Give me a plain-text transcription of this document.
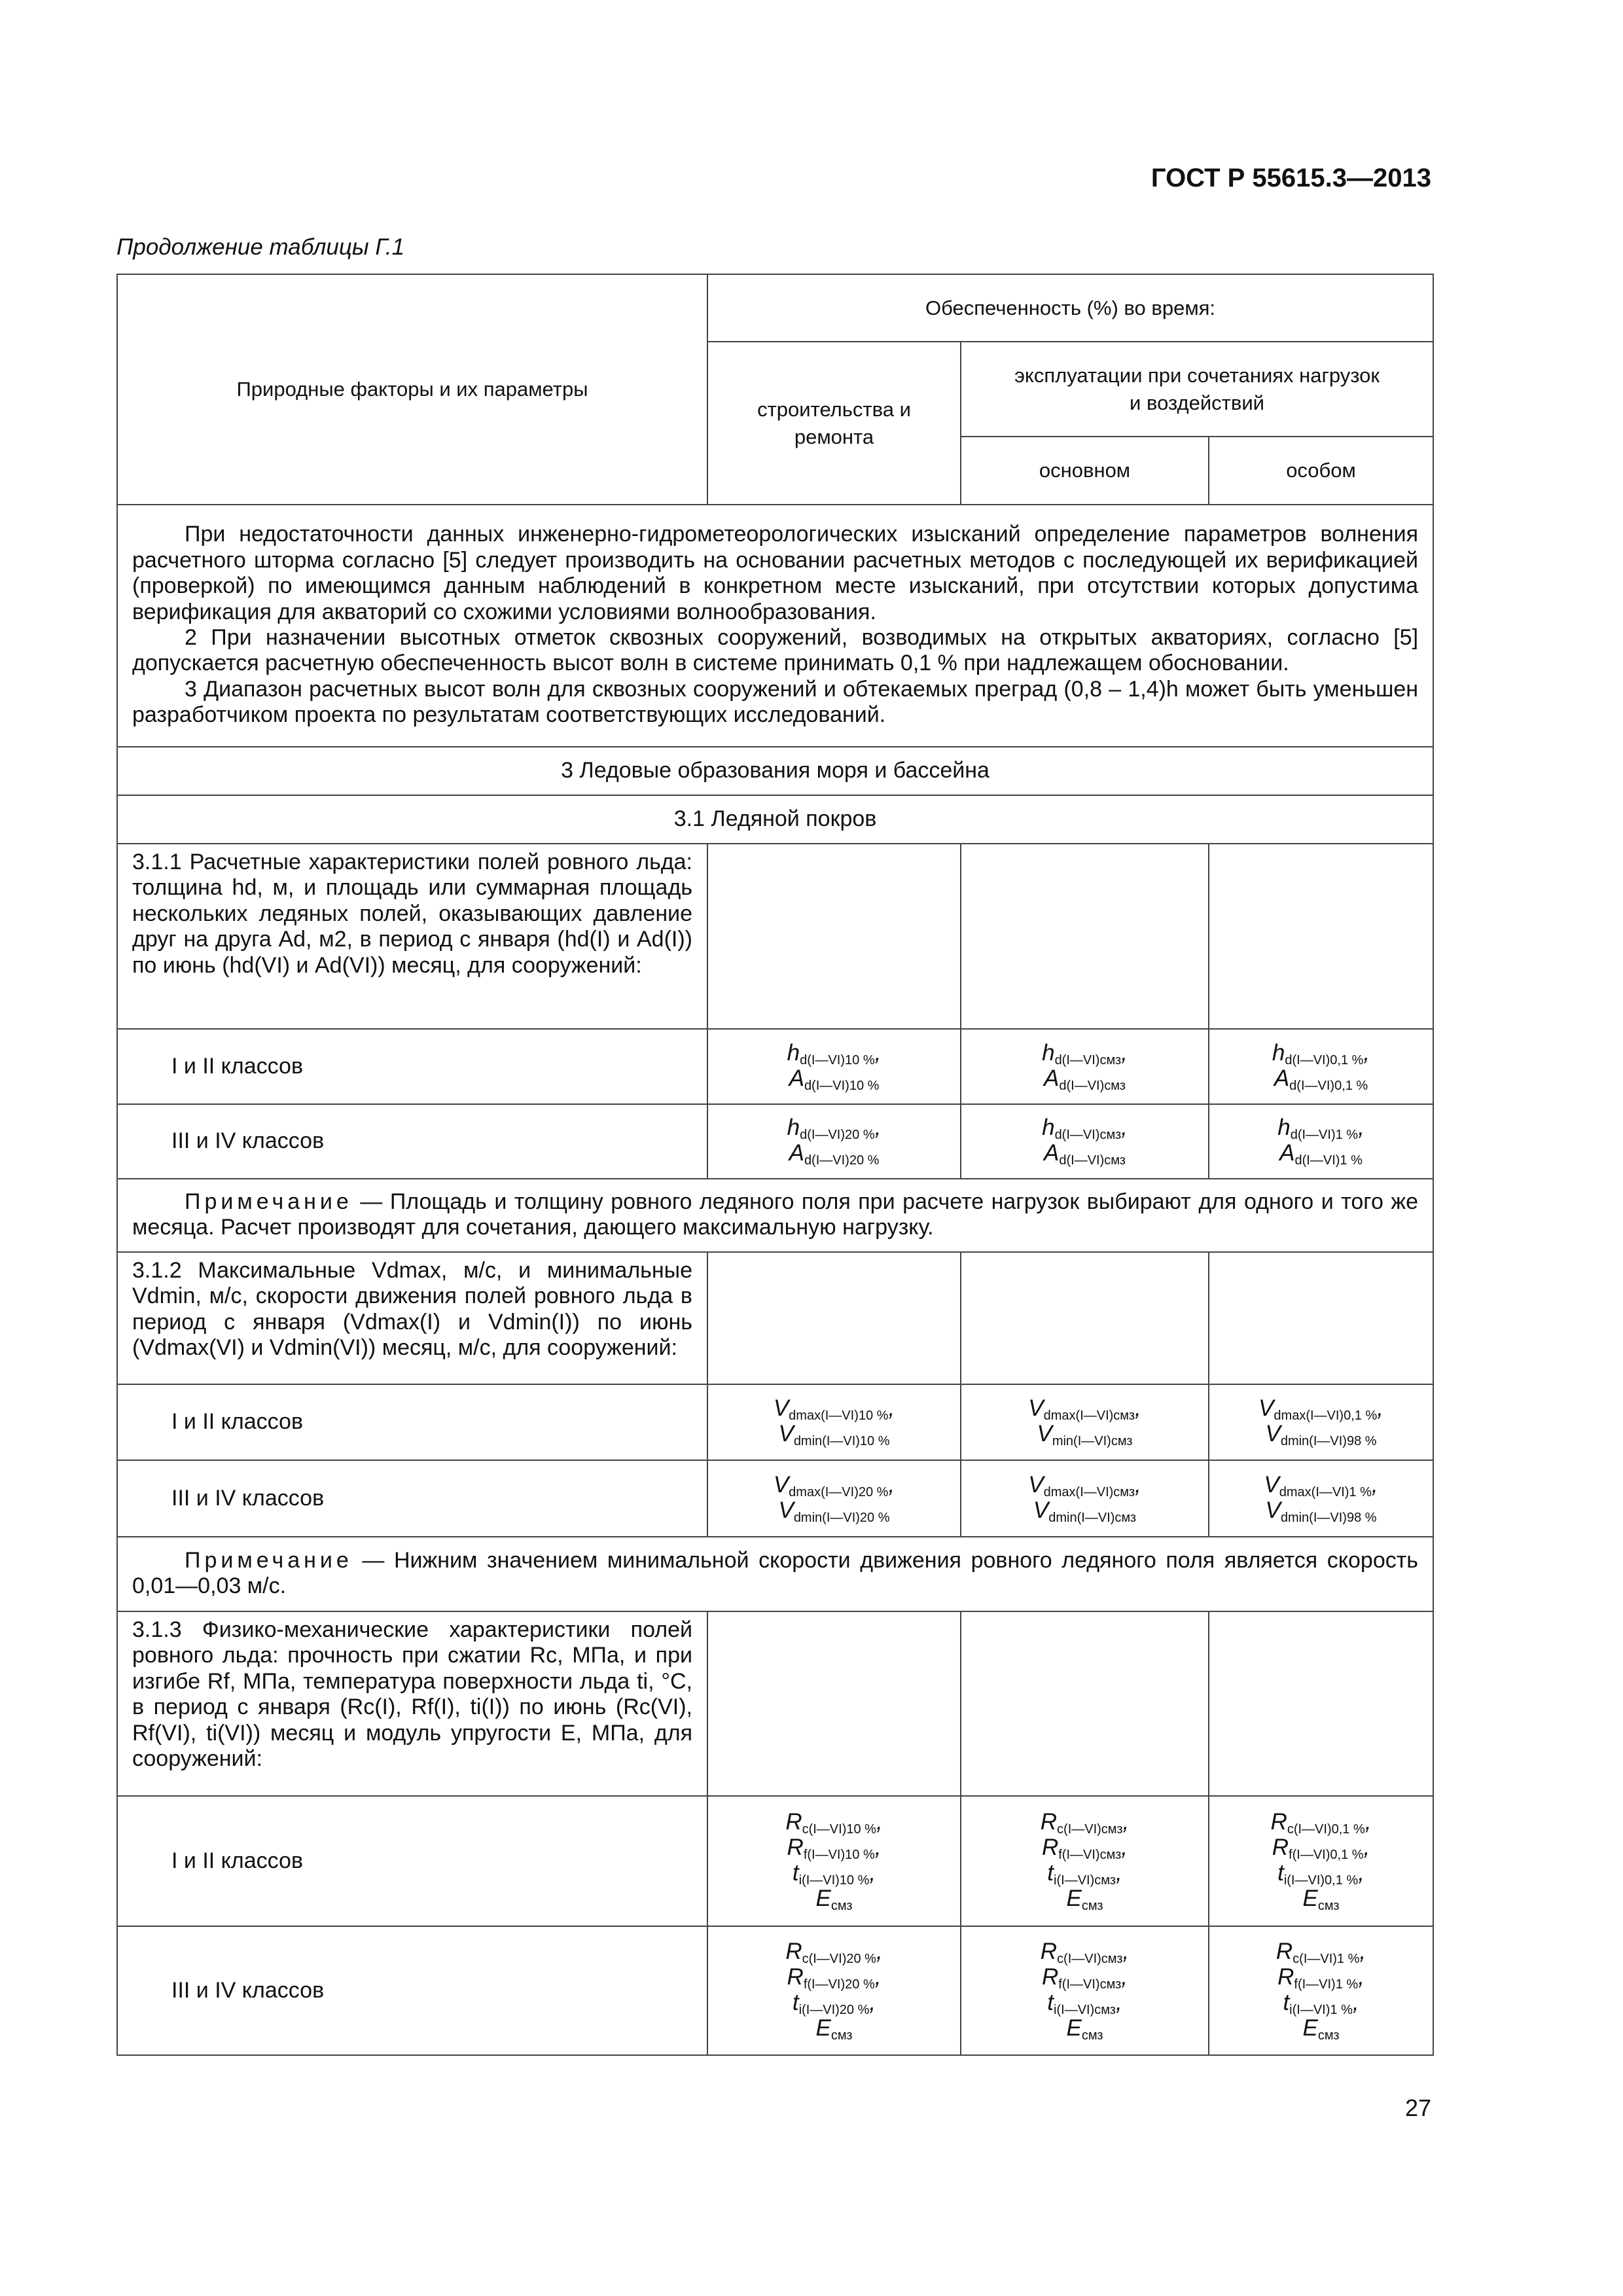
ГОСТ Р 55615.3—2013
Продолжение таблицы Г.1
Природные факторы и их параметры	Обеспеченность (%) во время:		
	строительства и ремонта	эксплуатации при сочетаниях нагрузок и воздействий	
		основном	особом

При недостаточности данных инженерно-гидрометеорологических изысканий определение параметров волнения расчетного шторма согласно [5] следует производить на основании расчетных методов с последующей их верификацией (проверкой) по имеющимся данным наблюдений в конкретном месте изысканий, при отсутствии которых допустима верификация для акваторий со схожими условиями волнообразования.

2 При назначении высотных отметок сквозных сооружений, возводимых на открытых акваториях, согласно [5] допускается расчетную обеспеченность высот волн в системе принимать 0,1 % при надлежащем обосновании.

3 Диапазон расчетных высот волн для сквозных сооружений и обтекаемых преград (0,8 – 1,4)h может быть уменьшен разработчиком проекта по результатам соответствующих исследований.			

3 Ледовые образования моря и бассейна			
3.1 Ледяной покров			
3.1.1 Расчетные характеристики полей ровного льда: толщина hd, м, и площадь или суммарная площадь нескольких ледяных полей, оказывающих давление друг на друга Ad, м2, в период с января (hd(I) и Ad(I)) по июнь (hd(VI) и Ad(VI)) месяц, для сооружений:			
I и II классов	$h_{d(I—VI)10 \%}$,
$A_{d(I—VI)10 \%}$	$h_{d(I—VI)смз}$,
$A_{d(I—VI)смз}$	$h_{d(I—VI)0,1 \%}$,
$A_{d(I—VI)0,1 \%}$

III и IV классов	$h_{d(I—VI)20 \%}$,
$A_{d(I—VI)20 \%}$	$h_{d(I—VI)смз}$,
$A_{d(I—VI)смз}$	$h_{d(I—VI)1 \%}$,
$A_{d(I—VI)1 \%}$

Примечание — Площадь и толщину ровного ледяного поля при расчете нагрузок выбирают для одного и того же месяца. Расчет производят для сочетания, дающего максимальную нагрузку.			

3.1.2 Максимальные Vdmax, м/с, и минимальные Vdmin, м/с, скорости движения полей ровного льда в период с января (Vdmax(I) и Vdmin(I)) по июнь (Vdmax(VI) и Vdmin(VI)) месяц, м/с, для сооружений:			
I и II классов	$V_{dmax(I—VI)10 \%}$,
$V_{dmin(I—VI)10 \%}$	$V_{dmax(I—VI)смз}$,
$V_{min(I—VI)смз}$	$V_{dmax(I—VI)0,1 \%}$,
$V_{dmin(I—VI)98 \%}$

III и IV классов	$V_{dmax(I—VI)20 \%}$,
$V_{dmin(I—VI)20 \%}$	$V_{dmax(I—VI)смз}$,
$V_{dmin(I—VI)смз}$	$V_{dmax(I—VI)1 \%}$,
$V_{dmin(I—VI)98 \%}$

Примечание — Нижним значением минимальной скорости движения ровного ледяного поля является скорость 0,01—0,03 м/с.			

3.1.3 Физико-механические характеристики полей ровного льда: прочность при сжатии Rc, МПа, и при изгибе Rf, МПа, температура поверхности льда ti, °C, в период с января (Rc(I), Rf(I), ti(I)) по июнь (Rc(VI), Rf(VI), ti(VI)) месяц и модуль упругости E, МПа, для сооружений:			
I и II классов	$R_{c(I—VI)10 \%}$,
$R_{f(I—VI)10 \%}$,
$t_{i(I—VI)10 \%}$,
$E_{смз}$	$R_{c(I—VI)смз}$,
$R_{f(I—VI)смз}$,
$t_{i(I—VI)смз}$,
$E_{смз}$	$R_{c(I—VI)0,1 \%}$,
$R_{f(I—VI)0,1 \%}$,
$t_{i(I—VI)0,1 \%}$,
$E_{смз}$

III и IV классов	$R_{c(I—VI)20 \%}$,
$R_{f(I—VI)20 \%}$,
$t_{i(I—VI)20 \%}$,
$E_{смз}$	$R_{c(I—VI)смз}$,
$R_{f(I—VI)смз}$,
$t_{i(I—VI)смз}$,
$E_{смз}$	$R_{c(I—VI)1 \%}$,
$R_{f(I—VI)1 \%}$,
$t_{i(I—VI)1 \%}$,
$E_{смз}$
27
